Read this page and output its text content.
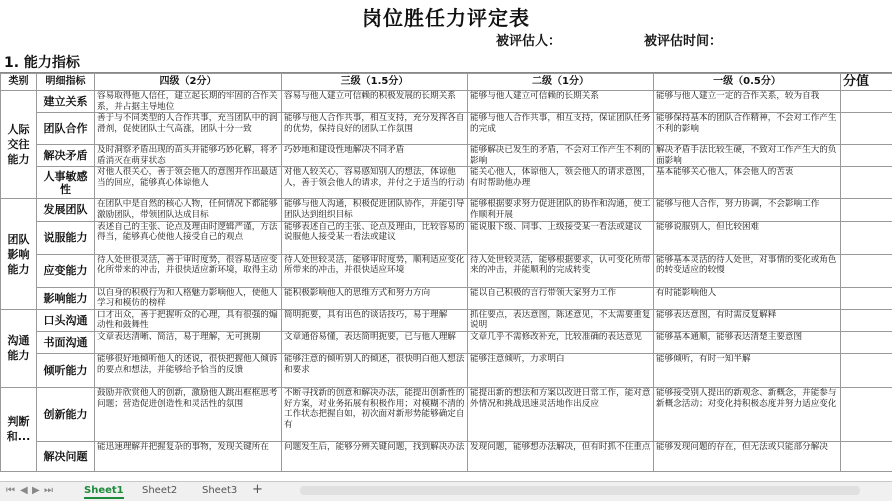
岗位胜任力评定表
被评估人：	被评估时间：
1. 能力指标
类别	明细指标	四级（2分）	三级（1.5分）	二级（1分）	一级（0.5分）	分值
人际交往能力	建立关系	容易取得他人信任，建立起长期的牢固的合作关系，并占据主导地位	容易与他人建立可信赖的积极发展的长期关系	能够与他人建立可信赖的长期关系	能够与他人建立一定的合作关系，较为自我	
	团队合作	善于与不同类型的人合作共事，充当团队中的润滑剂，促使团队士气高涨，团队十分一致	能够与他人合作共事，相互支持，充分发挥各自的优势，保持良好的团队工作氛围	能够与他人合作共事，相互支持，保证团队任务的完成	能够保持基本的团队合作精神，不会对工作产生不利的影响	
	解决矛盾	及时洞察矛盾出现的苗头并能够巧妙化解，将矛盾消灭在萌芽状态	巧妙地和建设性地解决不同矛盾	能够解决已发生的矛盾，不会对工作产生不利的影响	解决矛盾手法比较生硬，不致对工作产生大的负面影响	
	人事敏感性	对他人很关心，善于领会他人的意图并作出最适当的回应，能够真心体谅他人	对他人较关心，容易感知别人的想法，体谅他人，善于领会他人的请求，并付之于适当的行动	能关心他人，体谅他人，领会他人的请求意图，有时帮助他办理	基本能够关心他人，体会他人的苦衷	
团队影响能力	发展团队	在团队中是自然的核心人物，任何情况下都能够激励团队，带领团队达成目标	能够与他人沟通，积极促进团队协作，并能引导团队达到组织目标	能够根据要求努力促进团队的协作和沟通，使工作顺利开展	能够与他人合作，努力协调，不会影响工作	
	说服能力	表述自己的主张、论点及理由时逻辑严谨，方法得当，能够真心使他人接受自己的观点	能够表述自己的主张、论点及理由，比较容易的说服他人接受某一看法或建议	能说服下级、同事、上级接受某一看法或建议	能够说服别人，但比较困难	
	应变能力	待人处世很灵活，善于审时度势，很容易适应变化所带来的冲击，并很快适应新环境，取得主动	待人处世较灵活，能够审时度势，顺利适应变化所带来的冲击，并很快适应环境	待人处世较灵活，能够根据要求，认可变化所带来的冲击，并能顺利的完成转变	能够基本灵活的待人处世，对事情的变化或角色的转变适应的较慢	
	影响能力	以自身的积极行为和人格魅力影响他人，使他人学习和模仿的榜样	能积极影响他人的思维方式和努力方向	能以自己积极的言行带领大家努力工作	有时能影响他人	
沟通能力	口头沟通	口才出众，善于把握听众的心理，具有很强的煽动性和鼓舞性	简明扼要，具有出色的谈话技巧，易于理解	抓住要点，表达意图，陈述意见，不太需要重复说明	能够表达意图，有时需反复解释	
	书面沟通	文章表达清晰、简洁，易于理解，无可挑剔	文章通俗易懂，表达简明扼要，已与他人理解	文章几乎不需修改补充，比较准确的表达意见	能够基本通顺，能够表达清楚主要意图	
	倾听能力	能够很好地倾听他人的述说，很快把握他人倾诉的要点和想法，并能够给予恰当的反馈	能够注意的倾听别人的倾述，很快明白他人想法和要求	能够注意倾听，力求明白	能够倾听，有时一知半解	
判断和...	创新能力	鼓励并欣赏他人的创新，激励他人跳出框框思考问题；营造促进创造性和灵活性的氛围	不断寻找新的创意和解决办法，能提出创新性的好方案，对业务拓展有积极作用；对模糊不清的工作状态把握自如，初次面对新形势能够确定自有	能提出新的想法和方案以改进日常工作，能对意外情况和挑战迅速灵活地作出反应	能够接受别人提出的新观念、新概念，并能参与新概念活动；对变化持积极态度并努力适应变化	
	解决问题	能迅速理解并把握复杂的事物，发现关键所在	问题发生后，能够分辨关键问题，找到解决办法	发现问题，能够想办法解决，但有时抓不住重点	能够发现问题的存在，但无法或只能部分解决	
⏮ ◀ ▶ ⏭	Sheet1 Sheet2 Sheet3 +
